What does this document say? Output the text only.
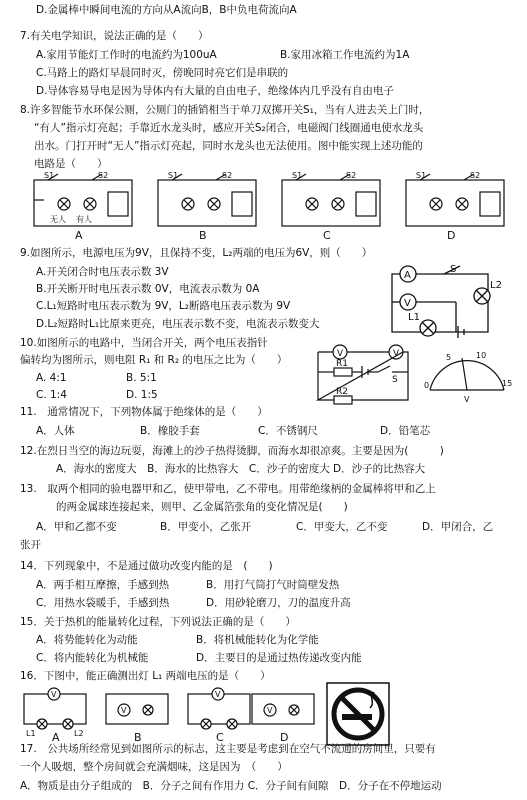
D.金属棒中瞬间电流的方向从A流向B，B中负电荷流向A
7.有关电学知识，说法正确的是（　　）
A.家用节能灯工作时的电流约为100uA	B.家用冰箱工作电流约为1A
C.马路上的路灯早晨同时灭，傍晚同时亮它们是串联的
D.导体容易导电是因为导体内有大量的自由电子，绝缘体内几乎没有自由电子
8.许多智能节水环保公厕，公厕门的插销相当于单刀双掷开关S₁，当有人进去关上门时，
“有人”指示灯亮起；手靠近水龙头时，感应开关S₂闭合，电磁阀门线圈通电使水龙头
出水。门打开时“无人”指示灯亮起，同时水龙头也无法使用。图中能实现上述功能的
电路是（　　）
S1	S2
无人 有人
S1	S2	S1	S2	S1	S2
A	B	C	D
9.如图所示，电源电压为9V，且保持不变，L₂两端的电压为6V，则（　　）
A.开关闭合时电压表示数 3V
B.开关断开时电压表示数 0V，电流表示数为 0A
C.L₁短路时电压表示数为 9V，L₂断路电压表示数为 9V
D.L₂短路时L₁比原来更亮，电压表示数不变，电流表示数变大
A
V
S
L1
L2
10.如图所示的电路中，当闭合开关，两个电压表指针
偏转均为图所示，则电阻 R₁ 和 R₂ 的电压之比为（　　）
A. 4:1	B. 5:1
C. 1:4	D. 1:5
V	V
R1
R2
S
0
5	10
15
V
11.　通常情况下，下列物体属于绝缘体的是（　　）
A．人体	B．橡胶手套	C．不锈钢尺	D．铅笔芯
12.在烈日当空的海边玩耍，海滩上的沙子热得烫脚，而海水却很凉爽。主要是因为(　　　)
A．海水的密度大　B．海水的比热容大　C．沙子的密度大 D．沙子的比热容大
13.　取两个相同的验电器甲和乙，使甲带电，乙不带电。用带绝缘柄的金属棒将甲和乙上
的两金属球连接起来，则甲、乙金属箔张角的变化情况是(　　)
A．甲和乙都不变	B．甲变小，乙张开	C．甲变大，乙不变	D．甲闭合，乙
张开
14．下列现象中，不是通过做功改变内能的是　(　　)
A．两手相互摩擦，手感到热	B．用打气筒打气时筒壁发热
C．用热水袋暖手，手感到热	D．用砂轮磨刀，刀的温度升高
15．关于热机的能量转化过程，下列说法正确的是（　　）
A．将势能转化为动能	B．将机械能转化为化学能
C．将内能转化为机械能	D．主要目的是通过热传递改变内能
16．下图中，能正确测出灯 L₁ 两端电压的是（　　）
V
L1	L2
V
V
V
A	B	C	D
17.　公共场所经常见到如图所示的标志，这主要是考虑到在空气不流通的房间里，只要有
一个人吸烟，整个房间就会充满烟味，这是因为　（　　）
A．物质是由分子组成的　B．分子之间有作用力 C．分子间有间隙　D．分子在不停地运动
